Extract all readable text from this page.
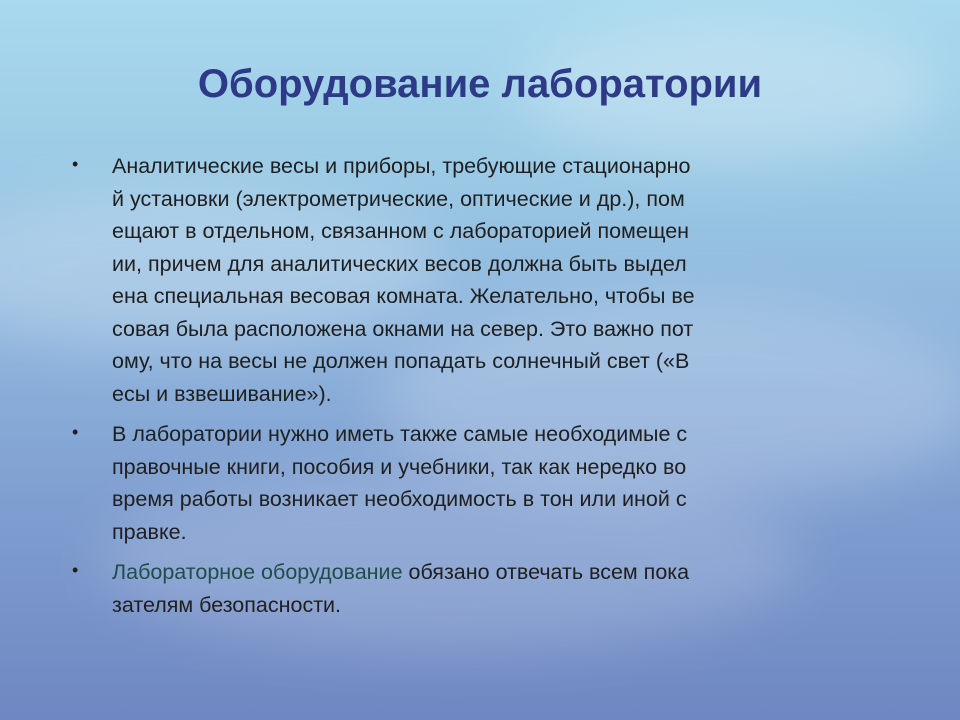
Оборудование лаборатории
• Аналитические весы и приборы, требующие стационарно
й установки (электрометрические, оптические и др.), пом
ещают в отдельном, связанном с лабораторией помещен
ии, причем для аналитических весов должна быть выдел
ена специальная весовая комната. Желательно, чтобы ве
совая была расположена окнами на север. Это важно пот
ому, что на весы не должен попадать солнечный свет («В
есы и взвешивание»).
• В лаборатории нужно иметь также самые необходимые с
правочные книги, пособия и учебники, так как нередко во
время работы возникает необходимость в тон или иной с
правке.
• Лабораторное оборудование обязано отвечать всем пока
зателям безопасности.
